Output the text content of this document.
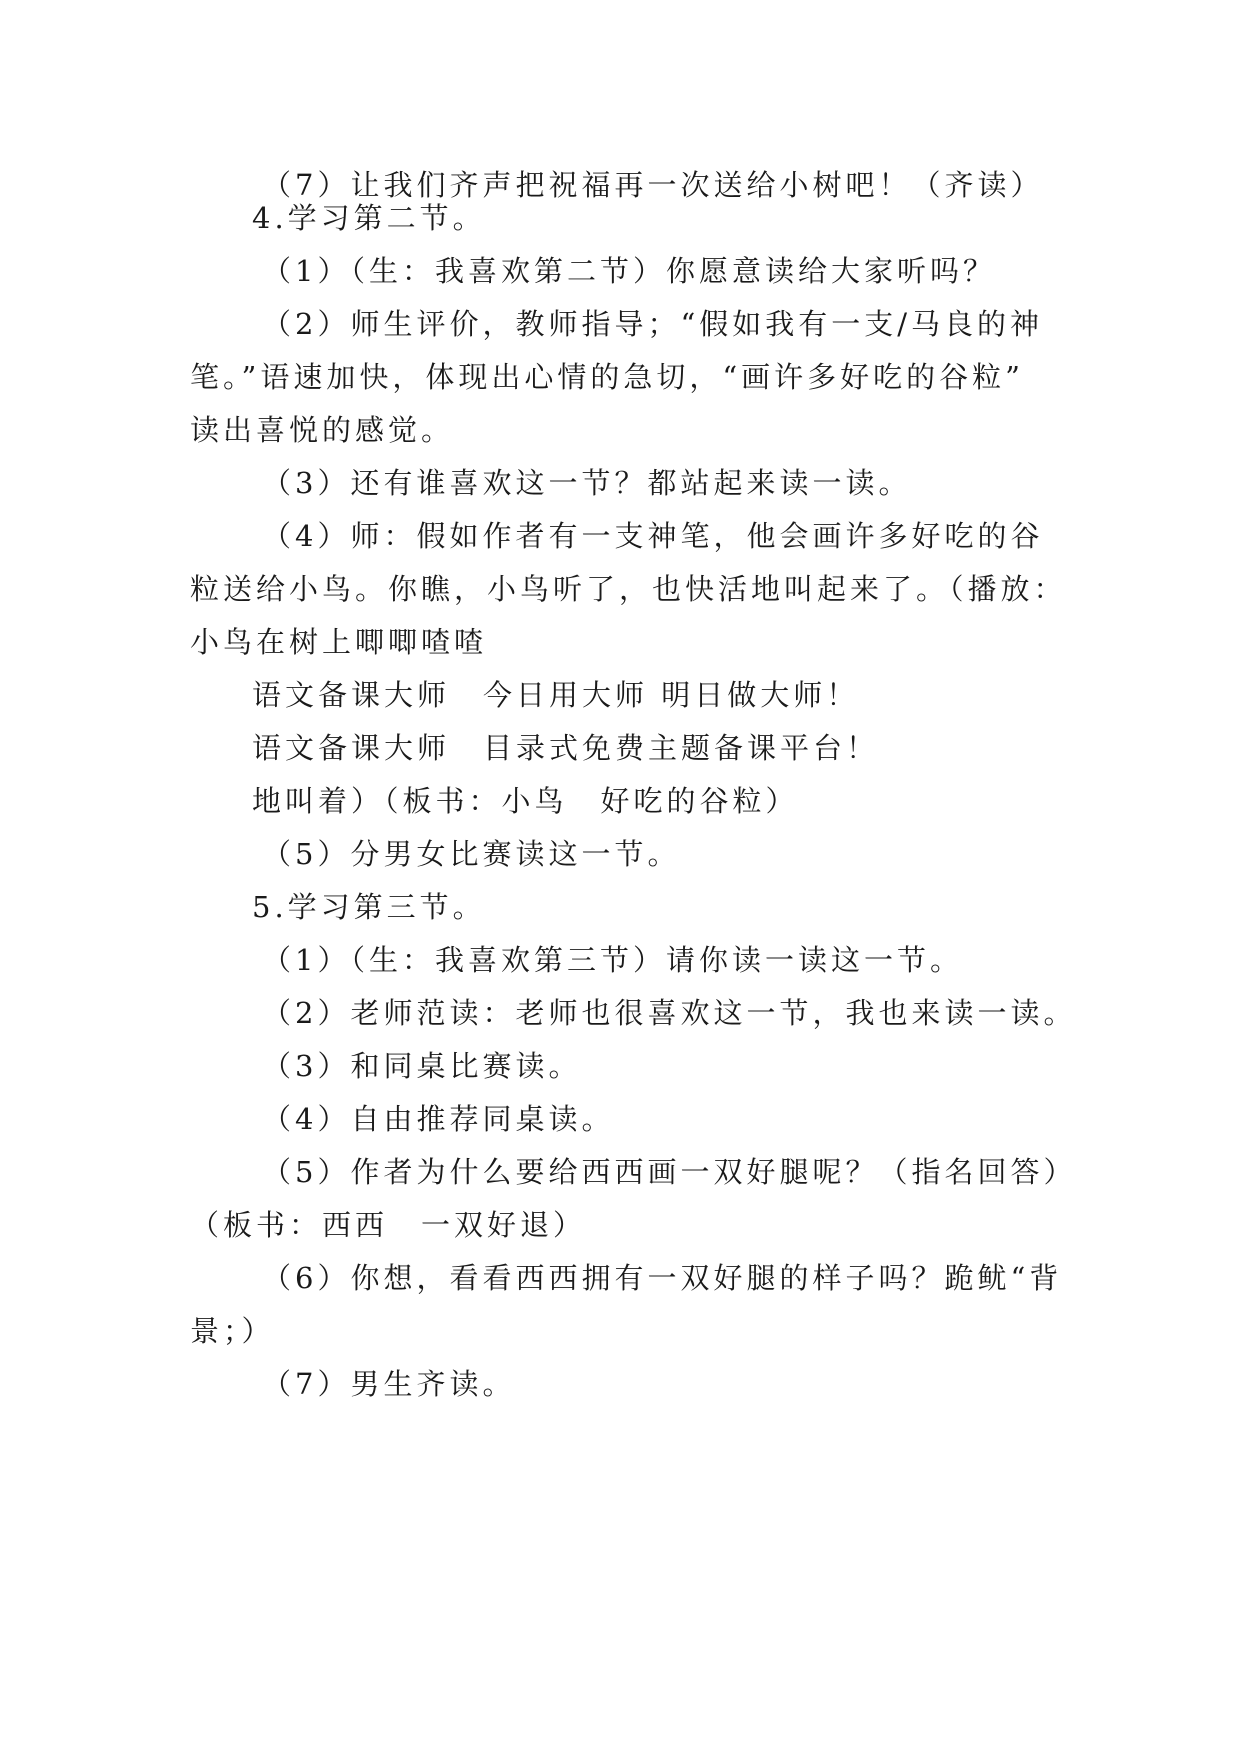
（7）让我们齐声把祝福再一次送给小树吧！（齐读）

4.学习第二节。

（1）（生：我喜欢第二节）你愿意读给大家听吗？

（2）师生评价，教师指导；“假如我有一支/马良的神

笔。”语速加快，体现出心情的急切，“画许多好吃的谷粒”

读出喜悦的感觉。

（3）还有谁喜欢这一节？都站起来读一读。

（4）师：假如作者有一支神笔，他会画许多好吃的谷

粒送给小鸟。你瞧，小鸟听了，也快活地叫起来了。（播放：

小鸟在树上唧唧喳喳

语文备课大师　今日用大师 明日做大师！

语文备课大师　目录式免费主题备课平台！

地叫着）（板书：小鸟　好吃的谷粒）

（5）分男女比赛读这一节。

5.学习第三节。

（1）（生：我喜欢第三节）请你读一读这一节。

（2）老师范读：老师也很喜欢这一节，我也来读一读。

（3）和同桌比赛读。

（4）自由推荐同桌读。

（5）作者为什么要给西西画一双好腿呢？（指名回答）

（板书：西西　一双好退）

（6）你想，看看西西拥有一双好腿的样子吗？跪鱿“背

景；）

（7）男生齐读。
